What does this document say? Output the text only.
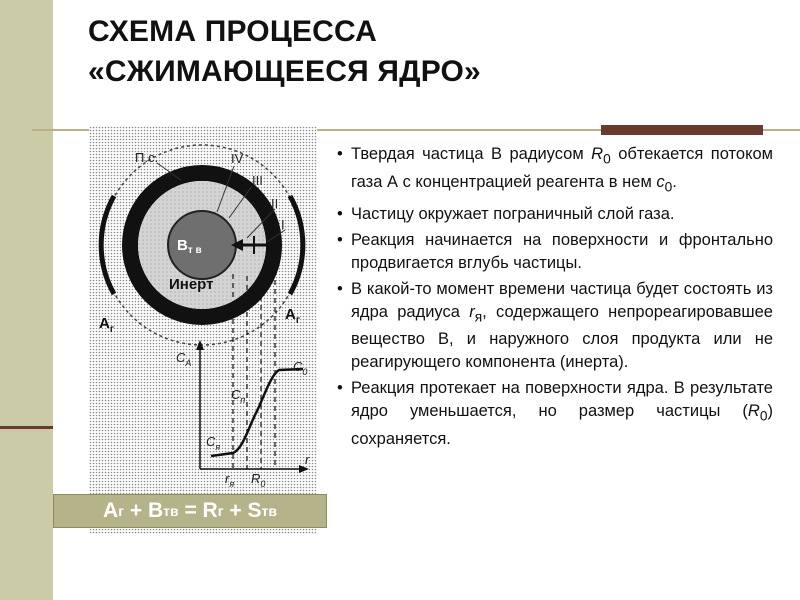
СХЕМА ПРОЦЕССА
«СЖИМАЮЩЕЕСЯ ЯДРО»
П.с.	IV
III
II
I
$B_{т в}$
Инерт
$А_г$
$А_г$
$С_А$	$С_0$
$С_п$
$С_я$
$r_я$ $R_0$
r
А г + В тв = R г + S тв
• Твердая частица В радиусом $R_0$ обтекается потоком газа А с концентрацией реагента в нем $c_0$.
• Частицу окружает пограничный слой газа.
• Реакция начинается на поверхности и фронтально продвигается вглубь частицы.
• В какой-то момент времени частица будет состоять из ядра радиуса $r_я$, содержащего непрореагировавшее вещество В, и наружного слоя продукта или не реагирующего компонента (инерта).
• Реакция протекает на поверхности ядра. В результате ядро уменьшается, но размер частицы $(R_0)$ сохраняется.
